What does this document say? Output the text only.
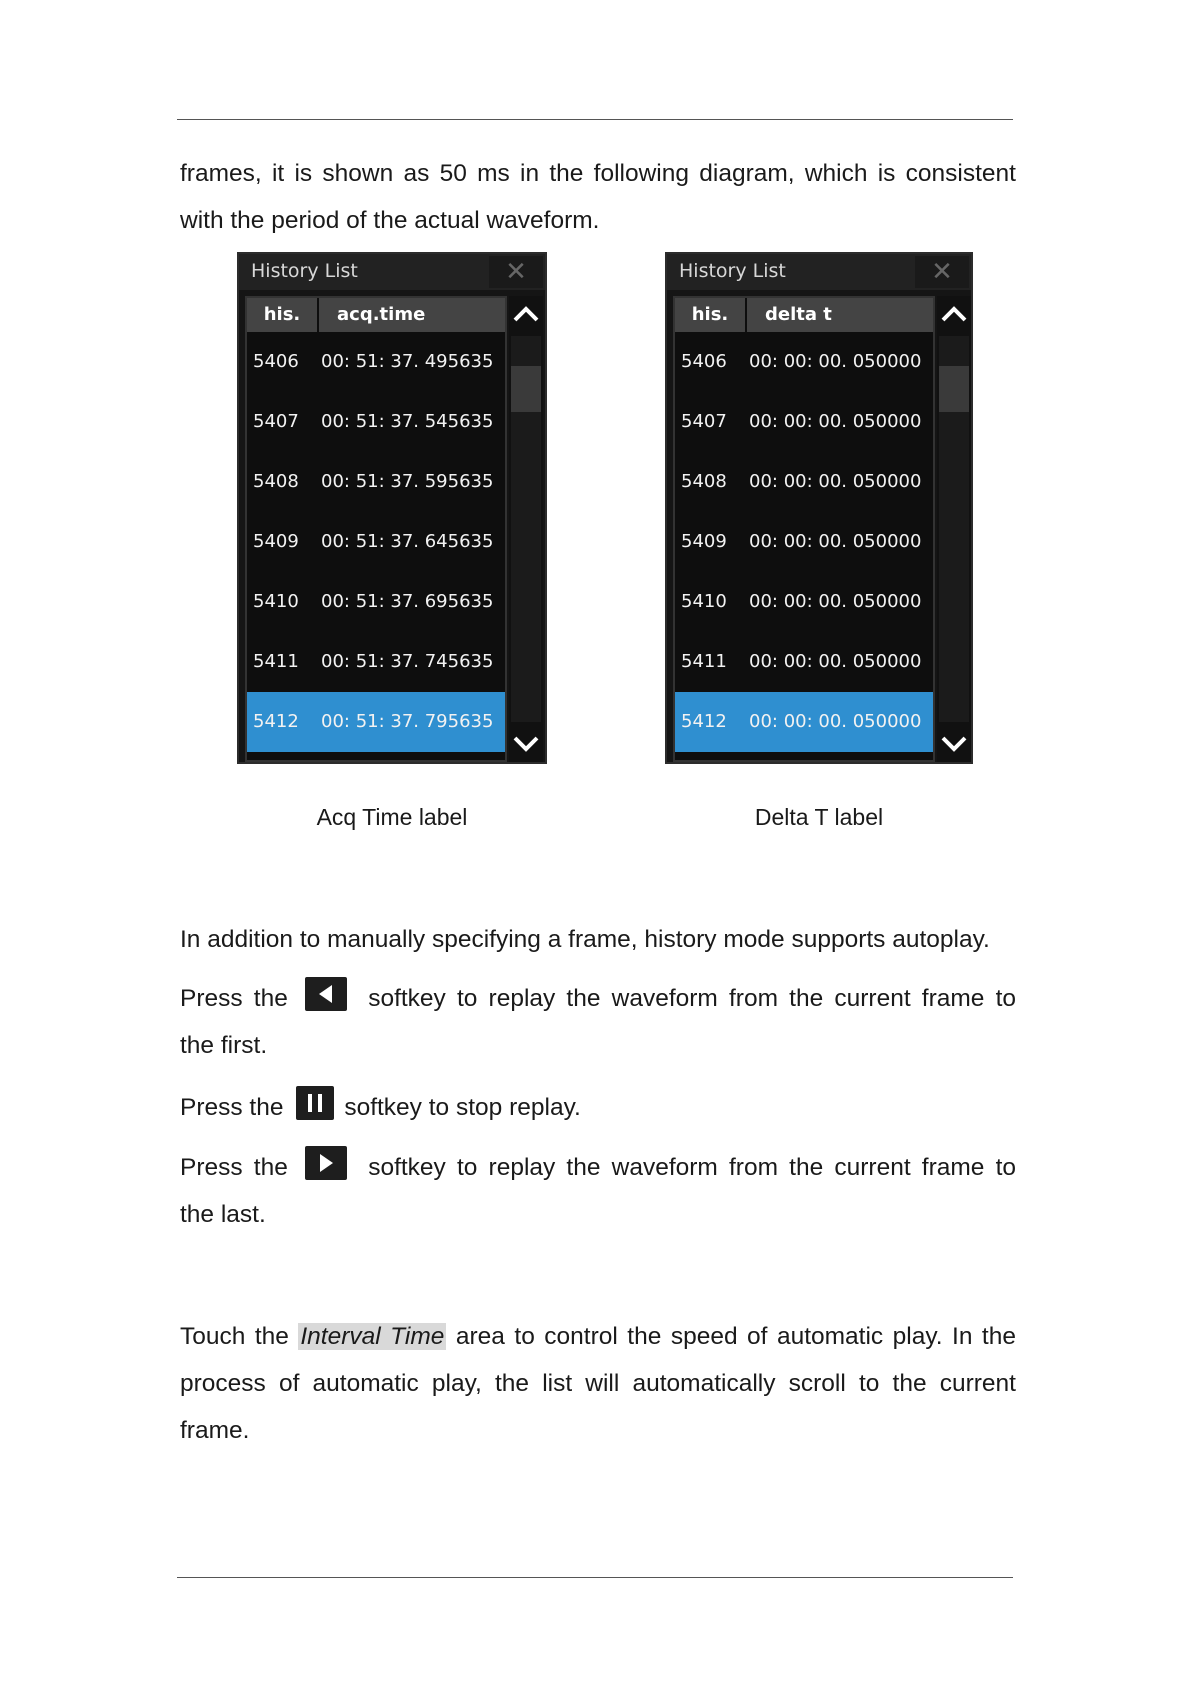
frames, it is shown as 50 ms in the following diagram, which is consistent
with the period of the actual waveform.
History List	✕
his.	acq.time
5406 00: 51: 37. 495635
5407 00: 51: 37. 545635
5408 00: 51: 37. 595635
5409 00: 51: 37. 645635
5410 00: 51: 37. 695635
5411 00: 51: 37. 745635
5412 00: 51: 37. 795635
History List	✕
his.	delta t
5406 00: 00: 00. 050000
5407 00: 00: 00. 050000
5408 00: 00: 00. 050000
5409 00: 00: 00. 050000
5410 00: 00: 00. 050000
5411 00: 00: 00. 050000
5412 00: 00: 00. 050000
Acq Time label	Delta T label
In addition to manually specifying a frame, history mode supports autoplay.
Press the	softkey to replay the waveform from the current frame to
the first.
Press the softkey to stop replay.
Press the	softkey to replay the waveform from the current frame to
the last.
Touch the Interval Time area to control the speed of automatic play. In the
process of automatic play, the list will automatically scroll to the current
frame.
